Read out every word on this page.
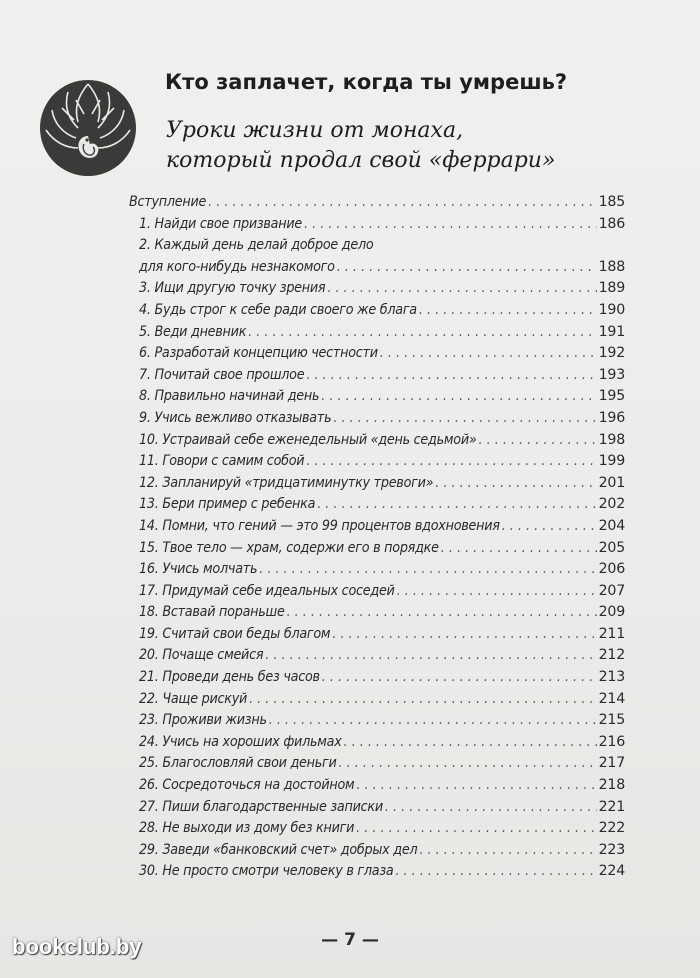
Кто заплачет, когда ты умрешь?
Уроки жизни от монаха,
который продал свой «феррари»
Вступление . . .	185
1. Найди свое призвание . . .	186
2. Каждый день делай доброе дело
для кого-нибудь незнакомого . . .	188
3. Ищи другую точку зрения . . .	189
4. Будь строг к себе ради своего же блага . . .	190
5. Веди дневник . . .	191
6. Разработай концепцию честности . . .	192
7. Почитай свое прошлое . . .	193
8. Правильно начинай день . . .	195
9. Учись вежливо отказывать . . .	196
10. Устраивай себе еженедельный «день седьмой» . . .	198
11. Говори с самим собой . . .	199
12. Запланируй «тридцатиминутку тревоги» . . .	201
13. Бери пример с ребенка . . .	202
14. Помни, что гений — это 99 процентов вдохновения . . .	204
15. Твое тело — храм, содержи его в порядке . . .	205
16. Учись молчать . . .	206
17. Придумай себе идеальных соседей . . .	207
18. Вставай пораньше . . .	209
19. Считай свои беды благом . . .	211
20. Почаще смейся . . .	212
21. Проведи день без часов . . .	213
22. Чаще рискуй . . .	214
23. Проживи жизнь . . .	215
24. Учись на хороших фильмах . . .	216
25. Благословляй свои деньги . . .	217
26. Сосредоточься на достойном . . .	218
27. Пиши благодарственные записки . . .	221
28. Не выходи из дому без книги . . .	222
29. Заведи «банковский счет» добрых дел . . .	223
30. Не просто смотри человеку в глаза . . .	224
— 7 —
bookclub.by
